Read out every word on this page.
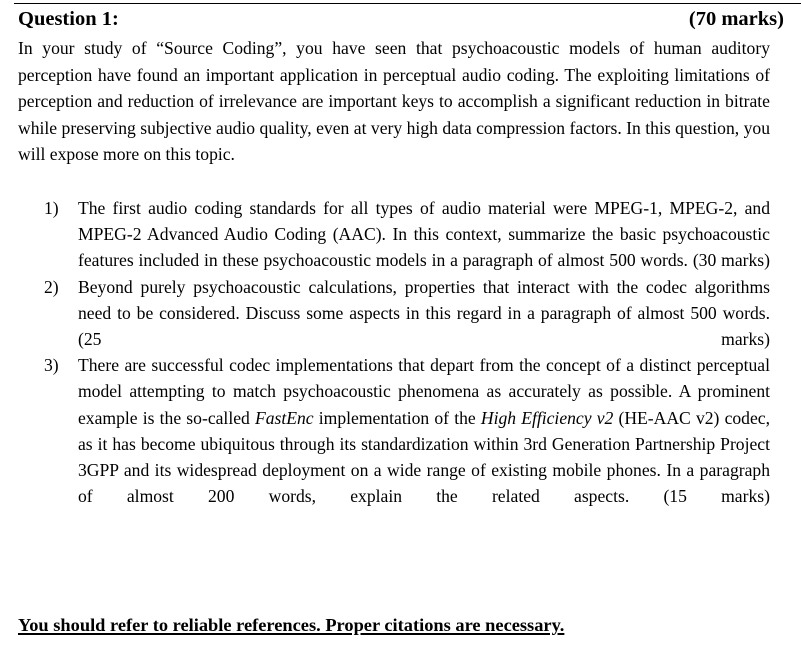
Question 1:	(70 marks)

In your study of “Source Coding”, you have seen that psychoacoustic models of human auditory perception have found an important application in perceptual audio coding. The exploiting limitations of perception and reduction of irrelevance are important keys to accomplish a significant reduction in bitrate while preserving subjective audio quality, even at very high data compression factors. In this question, you will expose more on this topic.

1) The first audio coding standards for all types of audio material were MPEG-1, MPEG-2, and MPEG-2 Advanced Audio Coding (AAC). In this context, summarize the basic psychoacoustic features included in these psychoacoustic models in a paragraph of almost 500 words. (30 marks)
2) Beyond purely psychoacoustic calculations, properties that interact with the codec algorithms need to be considered. Discuss some aspects in this regard in a paragraph of almost 500 words. (25 marks)
3) There are successful codec implementations that depart from the concept of a distinct perceptual model attempting to match psychoacoustic phenomena as accurately as possible. A prominent example is the so-called FastEnc implementation of the High Efficiency v2 (HE-AAC v2) codec, as it has become ubiquitous through its standardization within 3rd Generation Partnership Project 3GPP and its widespread deployment on a wide range of existing mobile phones. In a paragraph of almost 200 words, explain the related aspects. (15 marks)
You should refer to reliable references. Proper citations are necessary.
